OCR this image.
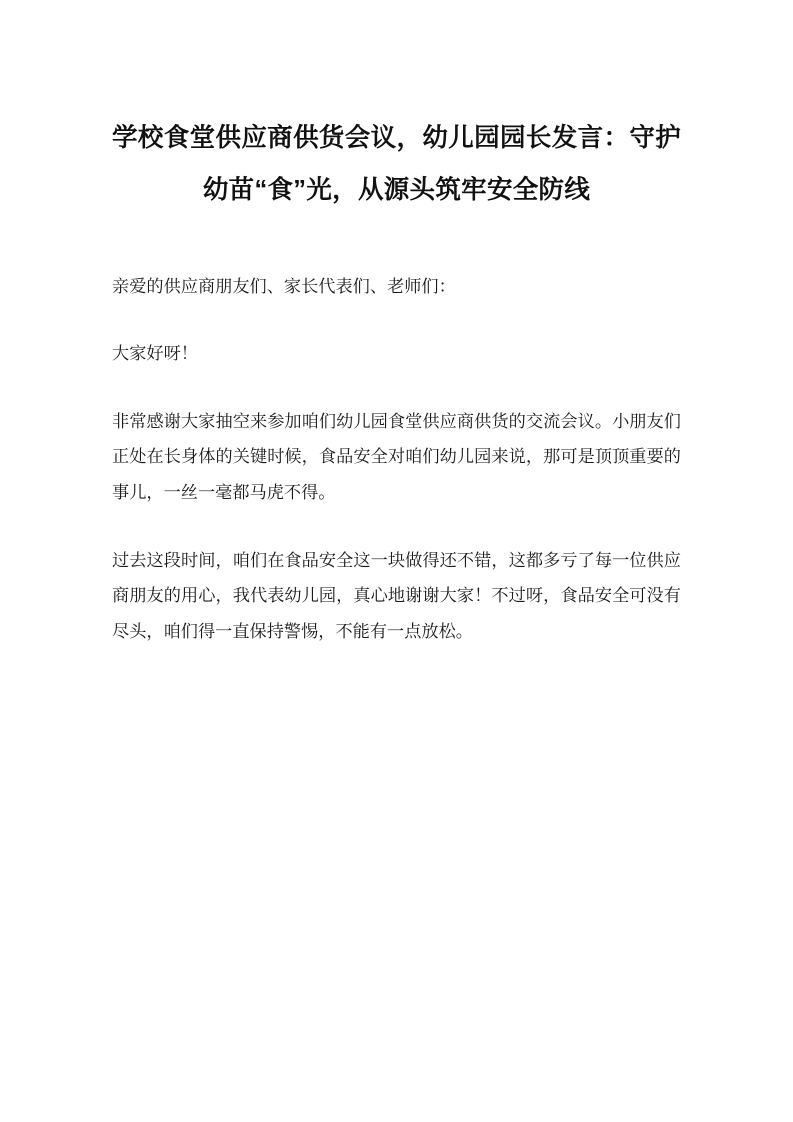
学校食堂供应商供货会议，幼儿园园长发言：守护幼苗“食”光，从源头筑牢安全防线

亲爱的供应商朋友们、家长代表们、老师们：

大家好呀！

非常感谢大家抽空来参加咱们幼儿园食堂供应商供货的交流会议。小朋友们正处在长身体的关键时候，食品安全对咱们幼儿园来说，那可是顶顶重要的事儿，一丝一毫都马虎不得。

过去这段时间，咱们在食品安全这一块做得还不错，这都多亏了每一位供应商朋友的用心，我代表幼儿园，真心地谢谢大家！不过呀，食品安全可没有尽头，咱们得一直保持警惕，不能有一点放松。
